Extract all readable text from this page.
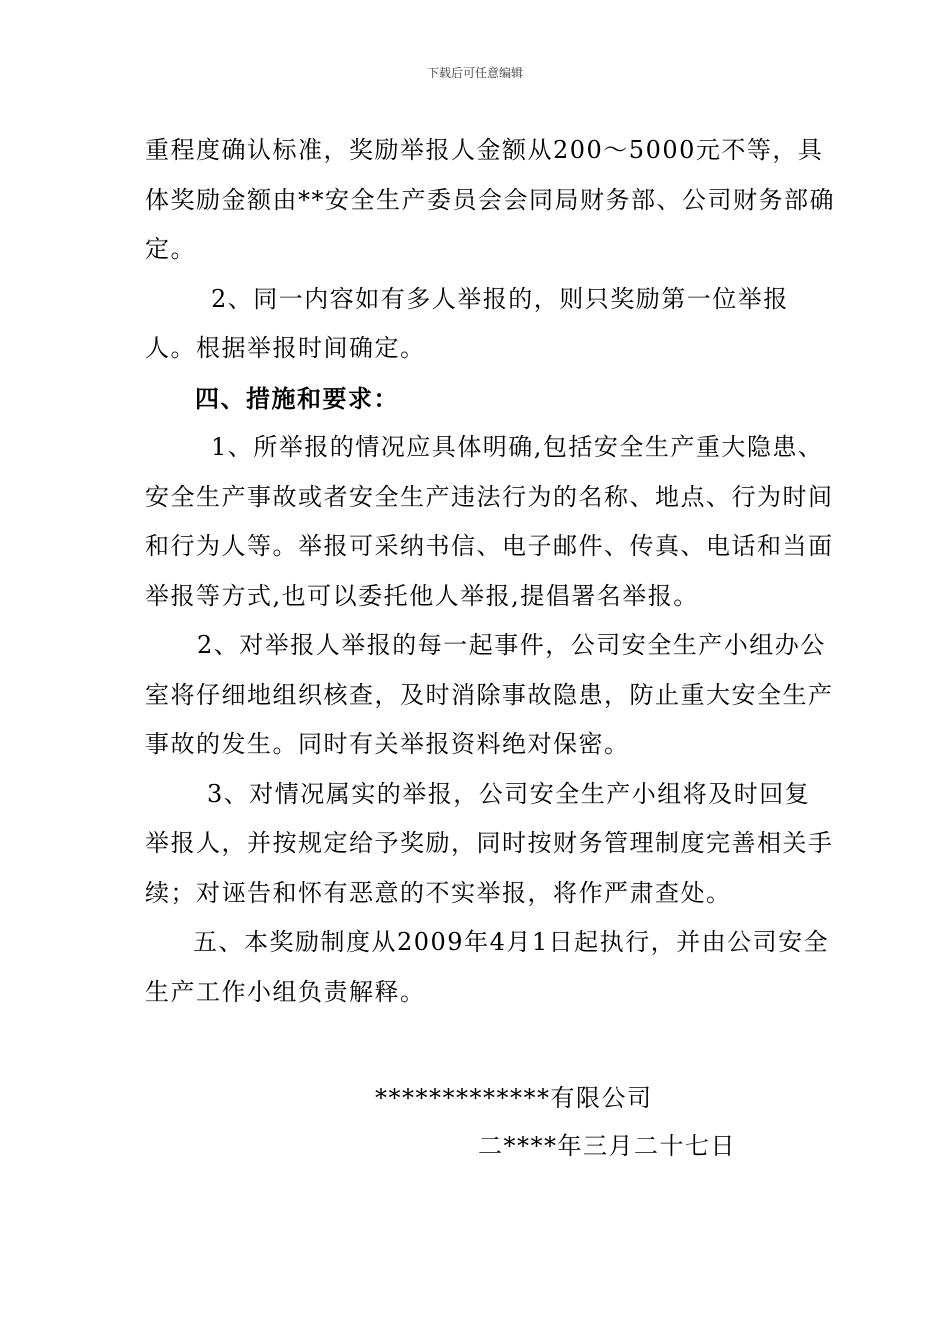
下载后可任意编辑

重程度确认标准，奖励举报人金额从200～5000元不等，具体奖励金额由**安全生产委员会会同局财务部、公司财务部确定。

2、同一内容如有多人举报的，则只奖励第一位举报人。根据举报时间确定。

四、措施和要求：

1、所举报的情况应具体明确,包括安全生产重大隐患、安全生产事故或者安全生产违法行为的名称、地点、行为时间和行为人等。举报可采纳书信、电子邮件、传真、电话和当面举报等方式,也可以委托他人举报,提倡署名举报。

2、对举报人举报的每一起事件，公司安全生产小组办公室将仔细地组织核查，及时消除事故隐患，防止重大安全生产事故的发生。同时有关举报资料绝对保密。

3、对情况属实的举报，公司安全生产小组将及时回复举报人，并按规定给予奖励，同时按财务管理制度完善相关手续；对诬告和怀有恶意的不实举报，将作严肃查处。

五、本奖励制度从2009年4月1日起执行，并由公司安全生产工作小组负责解释。

*************有限公司
二****年三月二十七日
